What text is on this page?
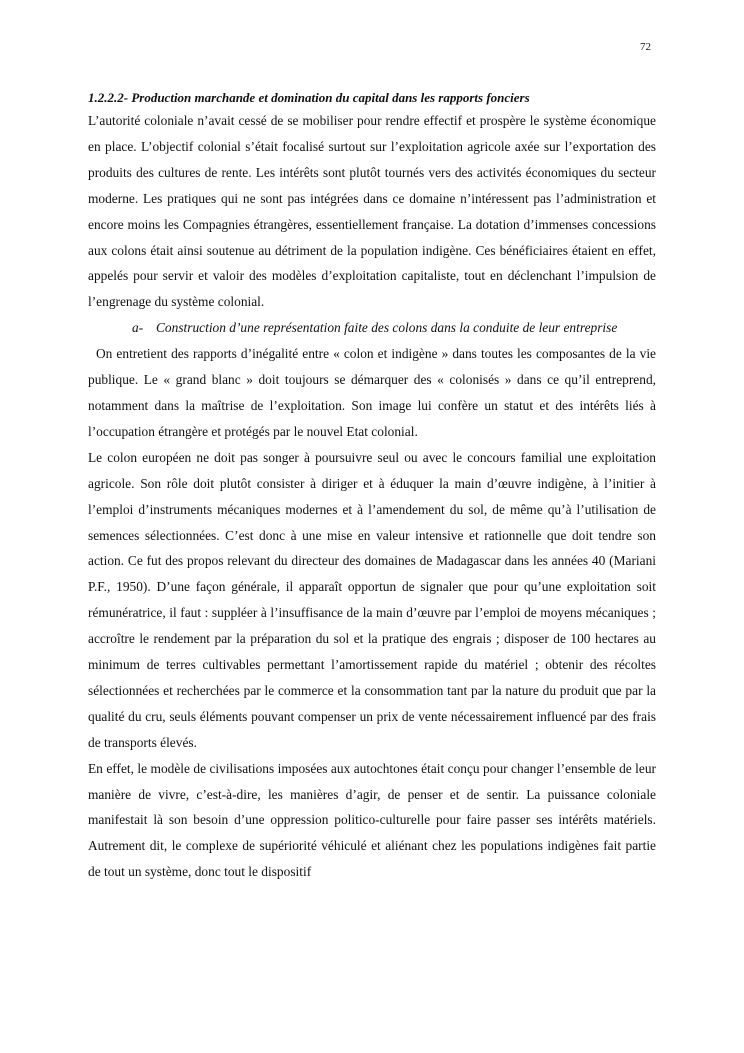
72

1.2.2.2- Production marchande et domination du capital dans les rapports fonciers

L’autorité coloniale n’avait cessé de se mobiliser pour rendre effectif et prospère le système économique en place. L’objectif colonial s’était focalisé surtout sur l’exploitation agricole axée sur l’exportation des produits des cultures de rente. Les intérêts sont plutôt tournés vers des activités économiques du secteur moderne. Les pratiques qui ne sont pas intégrées dans ce domaine n’intéressent pas l’administration et encore moins les Compagnies étrangères, essentiellement française. La dotation d’immenses concessions aux colons était ainsi soutenue au détriment de la population indigène. Ces bénéficiaires étaient en effet, appelés pour servir et valoir des modèles d’exploitation capitaliste, tout en déclenchant l’impulsion de l’engrenage du système colonial.

a- Construction d’une représentation faite des colons dans la conduite de leur entreprise

On entretient des rapports d’inégalité entre « colon et indigène » dans toutes les composantes de la vie publique. Le « grand blanc » doit toujours se démarquer des « colonisés » dans ce qu’il entreprend, notamment dans la maîtrise de l’exploitation. Son image lui confère un statut et des intérêts liés à l’occupation étrangère et protégés par le nouvel Etat colonial.

Le colon européen ne doit pas songer à poursuivre seul ou avec le concours familial une exploitation agricole. Son rôle doit plutôt consister à diriger et à éduquer la main d’œuvre indigène, à l’initier à l’emploi d’instruments mécaniques modernes et à l’amendement du sol, de même qu’à l’utilisation de semences sélectionnées. C’est donc à une mise en valeur intensive et rationnelle que doit tendre son action. Ce fut des propos relevant du directeur des domaines de Madagascar dans les années 40 (Mariani P.F., 1950). D’une façon générale, il apparaît opportun de signaler que pour qu’une exploitation soit rémunératrice, il faut : suppléer à l’insuffisance de la main d’œuvre par l’emploi de moyens mécaniques ; accroître le rendement par la préparation du sol et la pratique des engrais ; disposer de 100 hectares au minimum de terres cultivables permettant l’amortissement rapide du matériel ; obtenir des récoltes sélectionnées et recherchées par le commerce et la consommation tant par la nature du produit que par la qualité du cru, seuls éléments pouvant compenser un prix de vente nécessairement influencé par des frais de transports élevés.

En effet, le modèle de civilisations imposées aux autochtones était conçu pour changer l’ensemble de leur manière de vivre, c’est-à-dire, les manières d’agir, de penser et de sentir. La puissance coloniale manifestait là son besoin d’une oppression politico-culturelle pour faire passer ses intérêts matériels. Autrement dit, le complexe de supériorité véhiculé et aliénant chez les populations indigènes fait partie de tout un système, donc tout le dispositif
